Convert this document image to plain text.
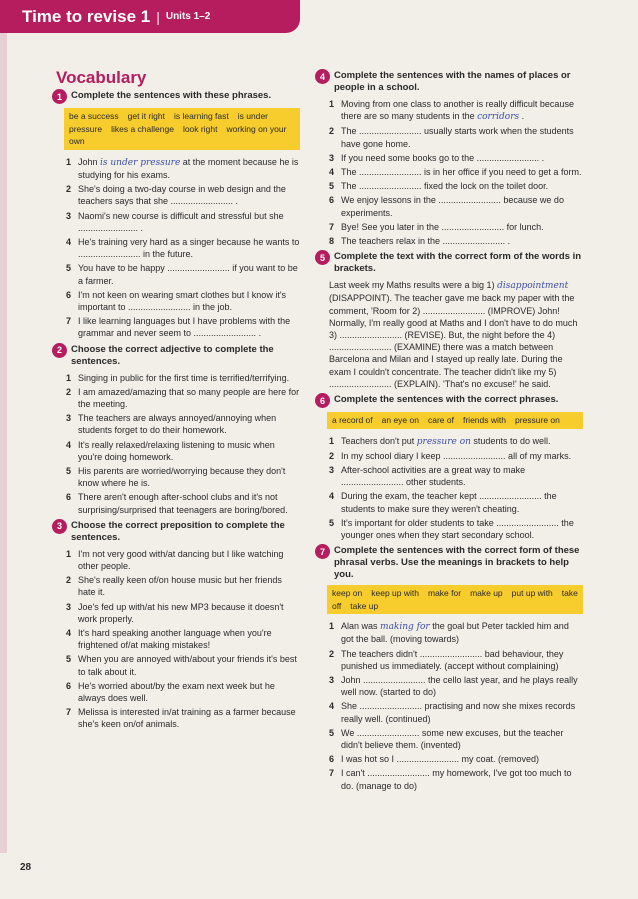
Time to revise 1 | Units 1–2
Vocabulary
1 Complete the sentences with these phrases.
be a success get it right is learning fast is under pressure likes a challenge look right working on your own
1 John is under pressure at the moment because he is studying for his exams.
2 She's doing a two-day course in web design and the teachers says that she ......................... .
3 Naomi's new course is difficult and stressful but she ........................ .
4 He's training very hard as a singer because he wants to ......................... in the future.
5 You have to be happy ......................... if you want to be a farmer.
6 I'm not keen on wearing smart clothes but I know it's important to ......................... in the job.
7 I like learning languages but I have problems with the grammar and never seem to ......................... .
2 Choose the correct adjective to complete the sentences.
1 Singing in public for the first time is terrified/terrifying.
2 I am amazed/amazing that so many people are here for the meeting.
3 The teachers are always annoyed/annoying when students forget to do their homework.
4 It's really relaxed/relaxing listening to music when you're doing homework.
5 His parents are worried/worrying because they don't know where he is.
6 There aren't enough after-school clubs and it's not surprising/surprised that teenagers are boring/bored.
3 Choose the correct preposition to complete the sentences.
1 I'm not very good with/at dancing but I like watching other people.
2 She's really keen of/on house music but her friends hate it.
3 Joe's fed up with/at his new MP3 because it doesn't work properly.
4 It's hard speaking another language when you're frightened of/at making mistakes!
5 When you are annoyed with/about your friends it's best to talk about it.
6 He's worried about/by the exam next week but he always does well.
7 Melissa is interested in/at training as a farmer because she's keen on/of animals.
4 Complete the sentences with the names of places or people in a school.
1 Moving from one class to another is really difficult because there are so many students in the corridors .
2 The ......................... usually starts work when the students have gone home.
3 If you need some books go to the ......................... .
4 The ......................... is in her office if you need to get a form.
5 The ......................... fixed the lock on the toilet door.
6 We enjoy lessons in the ......................... because we do experiments.
7 Bye! See you later in the ......................... for lunch.
8 The teachers relax in the ......................... .
5 Complete the text with the correct form of the words in brackets.
Last week my Maths results were a big 1) disappointment (DISAPPOINT). The teacher gave me back my paper with the comment, 'Room for 2) ......................... (IMPROVE) John! Normally, I'm really good at Maths and I don't have to do much 3) ......................... (REVISE). But, the night before the 4) ......................... (EXAMINE) there was a match between Barcelona and Milan and I stayed up really late. During the exam I couldn't concentrate. The teacher didn't like my 5) ......................... (EXPLAIN). 'That's no excuse!' he said.
6 Complete the sentences with the correct phrases.
a record of an eye on care of friends with pressure on
1 Teachers don't put pressure on students to do well.
2 In my school diary I keep ......................... all of my marks.
3 After-school activities are a great way to make ......................... other students.
4 During the exam, the teacher kept ......................... the students to make sure they weren't cheating.
5 It's important for older students to take ......................... the younger ones when they start secondary school.
7 Complete the sentences with the correct form of these phrasal verbs. Use the meanings in brackets to help you.
keep on keep up with make for make up put up with take off take up
1 Alan was making for the goal but Peter tackled him and got the ball. (moving towards)
2 The teachers didn't ......................... bad behaviour, they punished us immediately. (accept without complaining)
3 John ......................... the cello last year, and he plays really well now. (started to do)
4 She ......................... practising and now she mixes records really well. (continued)
5 We ......................... some new excuses, but the teacher didn't believe them. (invented)
6 I was hot so I ......................... my coat. (removed)
7 I can't ......................... my homework, I've got too much to do. (manage to do)
28
